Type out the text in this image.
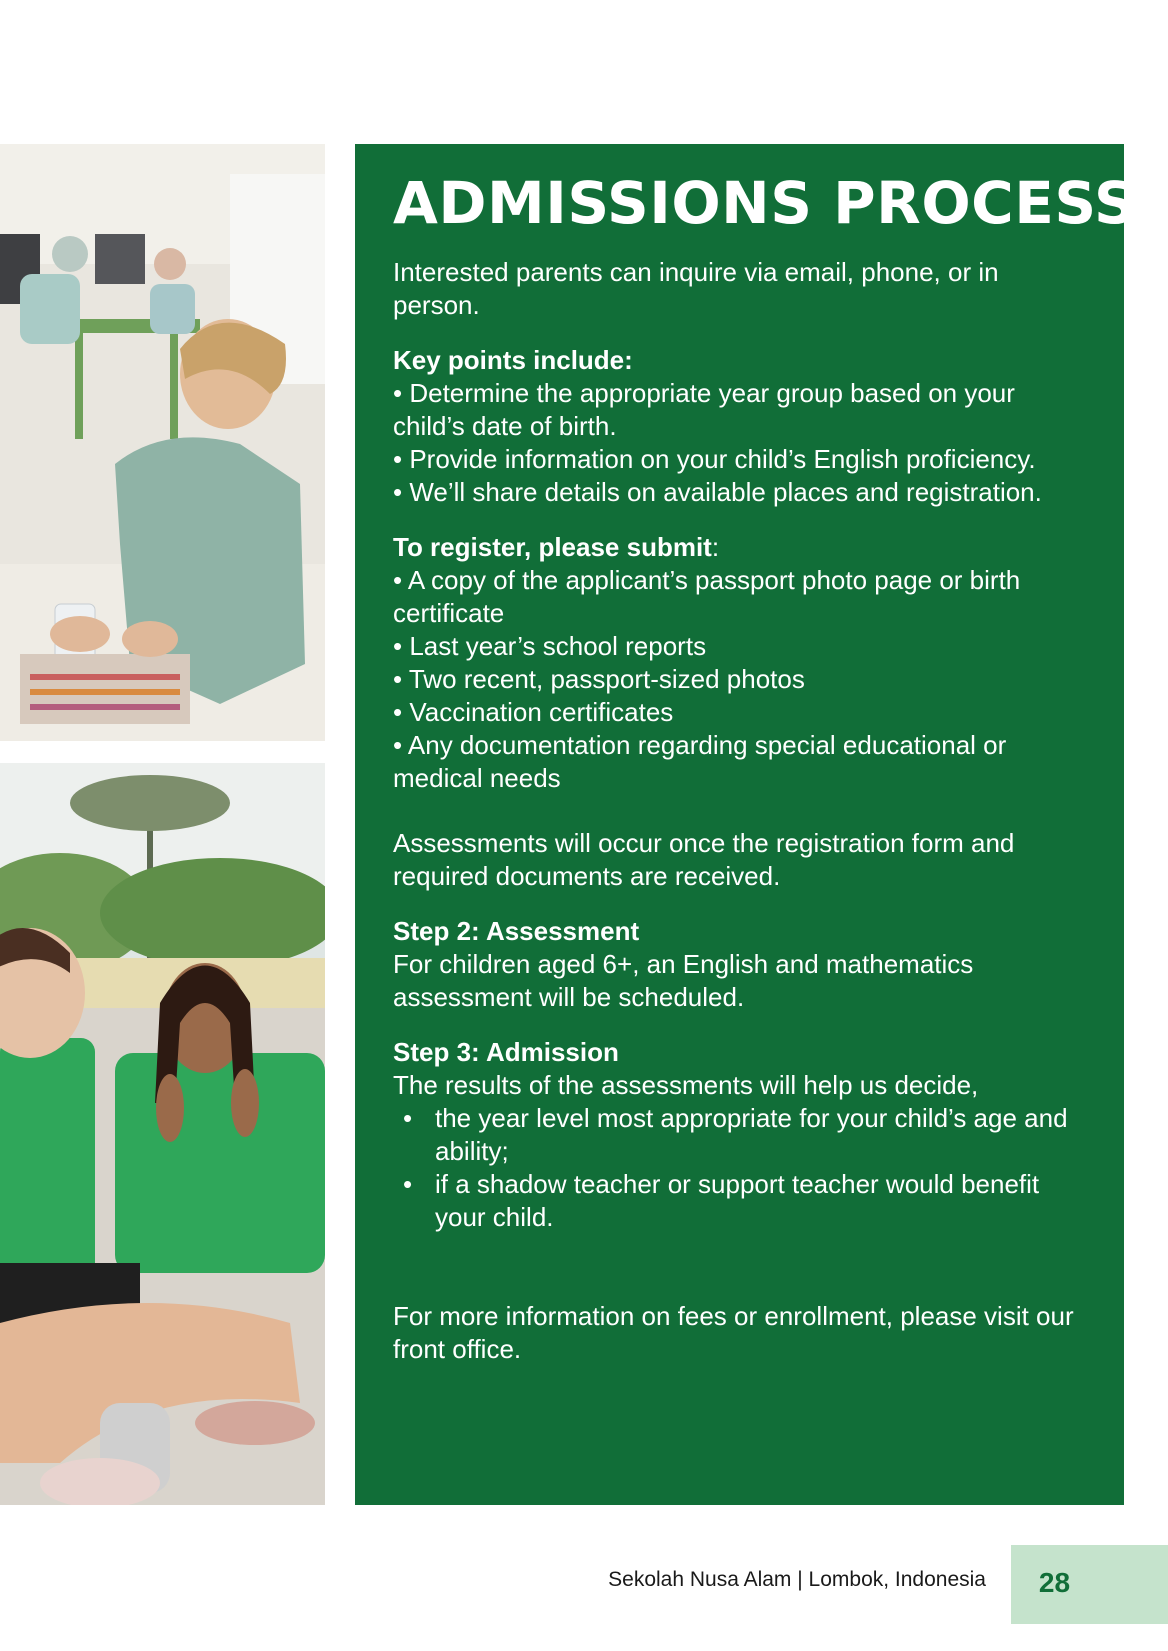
ADMISSIONS PROCESS

Interested parents can inquire via email, phone, or in person.

Key points include:

• Determine the appropriate year group based on your child’s date of birth.
• Provide information on your child’s English proficiency.
• We’ll share details on available places and registration.

To register, please submit:

• A copy of the applicant’s passport photo page or birth certificate
• Last year’s school reports
• Two recent, passport-sized photos
• Vaccination certificates
• Any documentation regarding special educational or medical needs

Assessments will occur once the registration form and required documents are received.

Step 2: Assessment

For children aged 6+, an English and mathematics assessment will be scheduled.

Step 3: Admission

The results of the assessments will help us decide,

• the year level most appropriate for your child’s age and ability;
• if a shadow teacher or support teacher would benefit your child.

For more information on fees or enrollment, please visit our front office.

Sekolah Nusa Alam | Lombok, Indonesia	28
